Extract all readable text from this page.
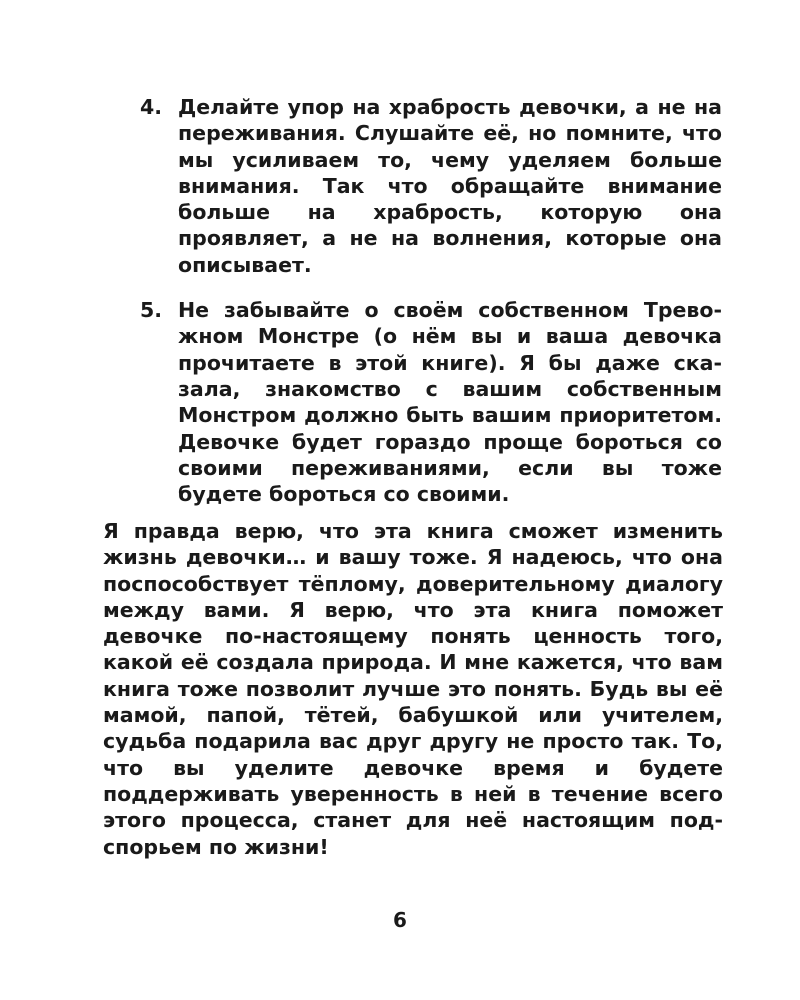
4. Делайте упор на храбрость девочки, а не на переживания. Слушайте её, но помните, что мы усиливаем то, чему уделяем больше внимания. Так что обращайте внимание больше на храбрость, которую она проявляет, а не на волнения, которые она описывает.
5. Не забывайте о своём собственном Тревожном Монстре (о нём вы и ваша девочка прочитаете в этой книге). Я бы даже сказала, знакомство с вашим собственным Монстром должно быть вашим приоритетом. Девочке будет гораздо проще бороться со своими переживаниями, если вы тоже будете бороться со своими.

Я правда верю, что эта книга сможет изменить жизнь девочки… и вашу тоже. Я надеюсь, что она поспособствует тёплому, доверительному диалогу между вами. Я верю, что эта книга поможет девочке по-настоящему понять ценность того, какой её создала природа. И мне кажется, что вам книга тоже позволит лучше это понять. Будь вы её мамой, папой, тётей, бабушкой или учителем, судьба подарила вас друг другу не просто так. То, что вы уделите девочке время и будете поддерживать уверенность в ней в течение всего этого процесса, станет для неё настоящим подспорьем по жизни!

6
